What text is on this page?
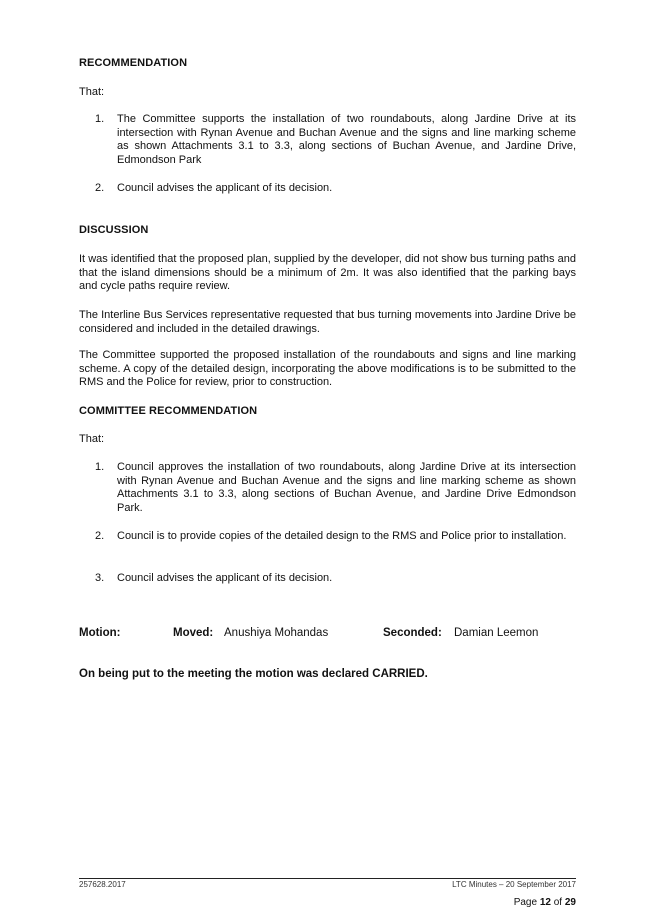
RECOMMENDATION
That:
1. The Committee supports the installation of two roundabouts, along Jardine Drive at its intersection with Rynan Avenue and Buchan Avenue and the signs and line marking scheme as shown Attachments 3.1 to 3.3, along sections of Buchan Avenue, and Jardine Drive, Edmondson Park
2. Council advises the applicant of its decision.
DISCUSSION
It was identified that the proposed plan, supplied by the developer, did not show bus turning paths and that the island dimensions should be a minimum of 2m. It was also identified that the parking bays and cycle paths require review.
The Interline Bus Services representative requested that bus turning movements into Jardine Drive be considered and included in the detailed drawings.
The Committee supported the proposed installation of the roundabouts and signs and line marking scheme. A copy of the detailed design, incorporating the above modifications is to be submitted to the RMS and the Police for review, prior to construction.
COMMITTEE RECOMMENDATION
That:
1. Council approves the installation of two roundabouts, along Jardine Drive at its intersection with Rynan Avenue and Buchan Avenue and the signs and line marking scheme as shown Attachments 3.1 to 3.3, along sections of Buchan Avenue, and Jardine Drive Edmondson Park.
2. Council is to provide copies of the detailed design to the RMS and Police prior to installation.
3. Council advises the applicant of its decision.
Motion:	Moved: Anushiya Mohandas	Seconded: Damian Leemon
On being put to the meeting the motion was declared CARRIED.
257628.2017	LTC Minutes – 20 September 2017
Page 12 of 29
